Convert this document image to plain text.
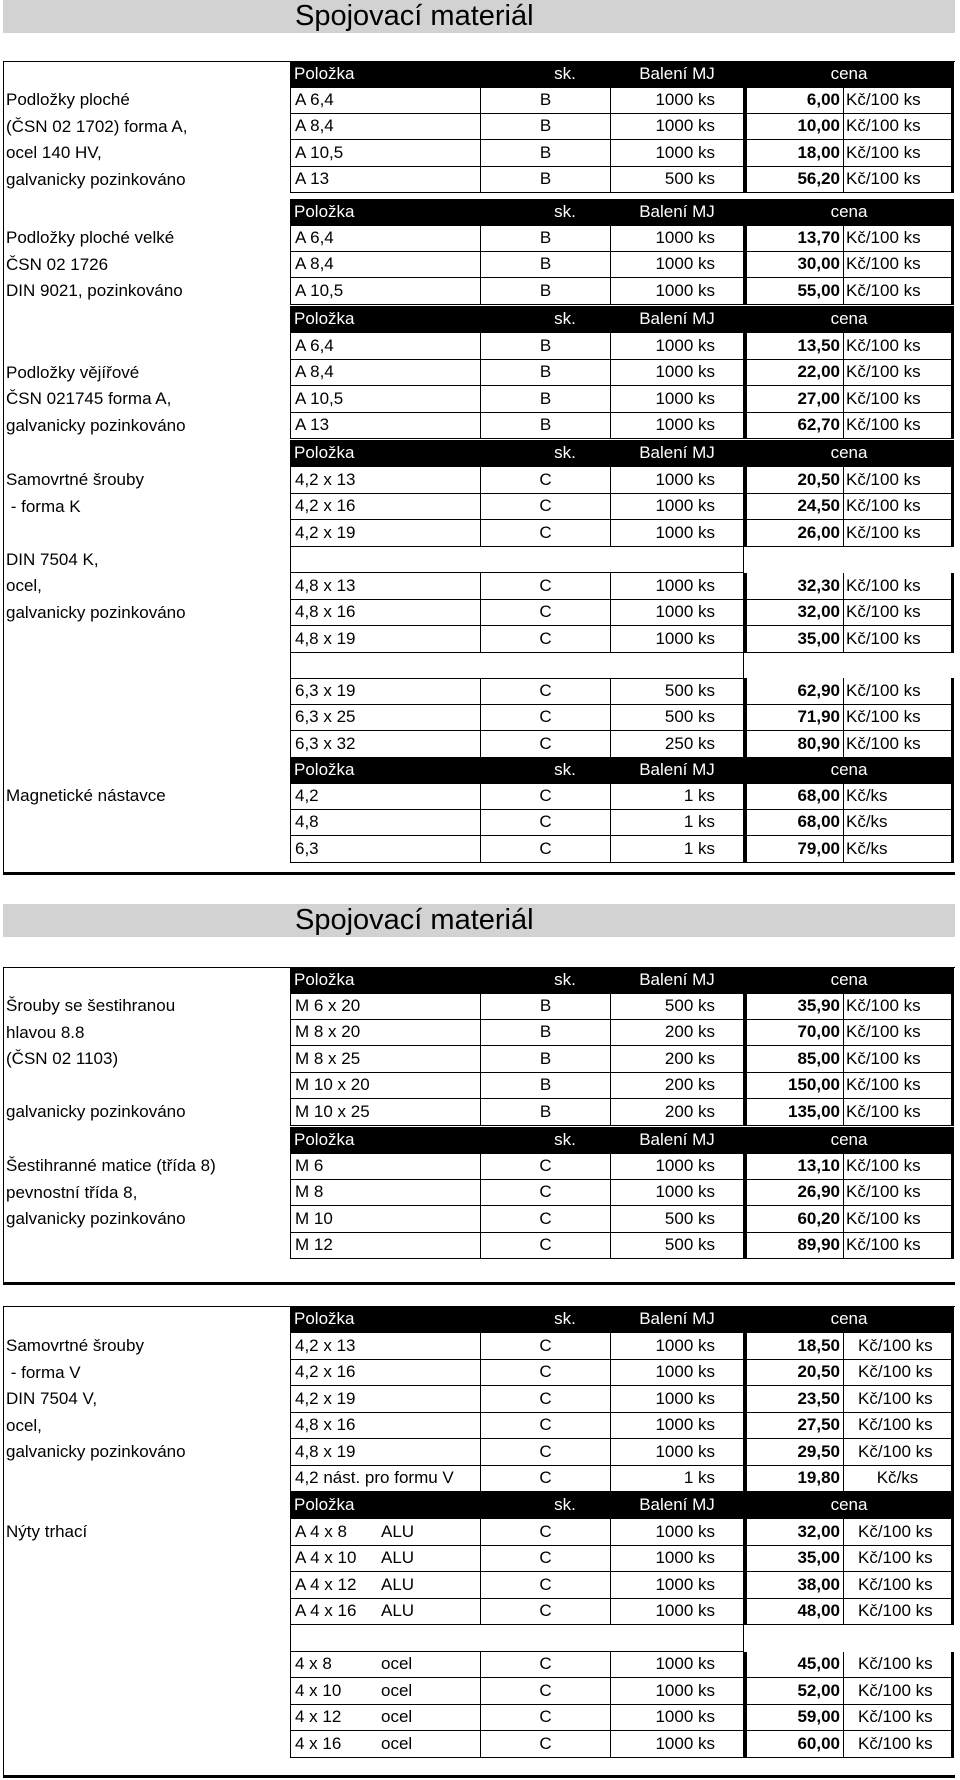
Spojovací materiál
Spojovací materiál
Položka	sk.	Balení MJ	cena
Podložky ploché
(ČSN 02 1702) forma A,
ocel 140 HV,
galvanicky pozinkováno
A 6,4	B	1000 ks	6,00 Kč/100 ks
A 8,4	B	1000 ks	10,00 Kč/100 ks
A 10,5	B	1000 ks	18,00 Kč/100 ks
A 13	B	500 ks	56,20 Kč/100 ks
Položka	sk.	Balení MJ	cena
Podložky ploché velké
ČSN 02 1726
DIN 9021, pozinkováno
A 6,4	B	1000 ks	13,70 Kč/100 ks
A 8,4	B	1000 ks	30,00 Kč/100 ks
A 10,5	B	1000 ks	55,00 Kč/100 ks
Položka	sk.	Balení MJ	cena
Podložky vějířové
ČSN 021745 forma A,
galvanicky pozinkováno
A 6,4	B	1000 ks	13,50 Kč/100 ks
A 8,4	B	1000 ks	22,00 Kč/100 ks
A 10,5	B	1000 ks	27,00 Kč/100 ks
A 13	B	1000 ks	62,70 Kč/100 ks
Položka	sk.	Balení MJ	cena
Samovrtné šrouby
- forma K
DIN 7504 K,
ocel,
galvanicky pozinkováno
4,2 x 13	C	1000 ks	20,50 Kč/100 ks
4,2 x 16	C	1000 ks	24,50 Kč/100 ks
4,2 x 19	C	1000 ks	26,00 Kč/100 ks
4,8 x 13	C	1000 ks	32,30 Kč/100 ks
4,8 x 16	C	1000 ks	32,00 Kč/100 ks
4,8 x 19	C	1000 ks	35,00 Kč/100 ks
6,3 x 19	C	500 ks	62,90 Kč/100 ks
6,3 x 25	C	500 ks	71,90 Kč/100 ks
6,3 x 32	C	250 ks	80,90 Kč/100 ks
Položka	sk.	Balení MJ	cena
Magnetické nástavce	4,2	C	1 ks	68,00 Kč/ks
4,8	C	1 ks	68,00 Kč/ks
6,3	C	1 ks	79,00 Kč/ks
Položka	sk.	Balení MJ	cena
Šrouby se šestihranou
hlavou 8.8
(ČSN 02 1103)
galvanicky pozinkováno
M 6 x 20	B	500 ks	35,90 Kč/100 ks
M 8 x 20	B	200 ks	70,00 Kč/100 ks
M 8 x 25	B	200 ks	85,00 Kč/100 ks
M 10 x 20	B	200 ks	150,00 Kč/100 ks
M 10 x 25	B	200 ks	135,00 Kč/100 ks
Položka	sk.	Balení MJ	cena
Šestihranné matice (třída 8)
pevnostní třída 8,
galvanicky pozinkováno
M 6	C	1000 ks	13,10 Kč/100 ks
M 8	C	1000 ks	26,90 Kč/100 ks
M 10	C	500 ks	60,20 Kč/100 ks
M 12	C	500 ks	89,90 Kč/100 ks
Položka	sk.	Balení MJ	cena
Samovrtné šrouby
- forma V
DIN 7504 V,
ocel,
galvanicky pozinkováno
4,2 x 13	C	1000 ks	18,50	Kč/100 ks
4,2 x 16	C	1000 ks	20,50	Kč/100 ks
4,2 x 19	C	1000 ks	23,50	Kč/100 ks
4,8 x 16	C	1000 ks	27,50	Kč/100 ks
4,8 x 19	C	1000 ks	29,50	Kč/100 ks
4,2 nást. pro formu V	C	1 ks	19,80	Kč/ks
Položka	sk.	Balení MJ	cena
Nýty trhací	A 4 x 8 ALU	C	1000 ks	32,00	Kč/100 ks
A 4 x 10 ALU	C	1000 ks	35,00	Kč/100 ks
A 4 x 12 ALU	C	1000 ks	38,00	Kč/100 ks
A 4 x 16 ALU	C	1000 ks	48,00	Kč/100 ks
4 x 8	ocel	C	1000 ks	45,00	Kč/100 ks
4 x 10 ocel	C	1000 ks	52,00	Kč/100 ks
4 x 12 ocel	C	1000 ks	59,00	Kč/100 ks
4 x 16 ocel	C	1000 ks	60,00	Kč/100 ks
